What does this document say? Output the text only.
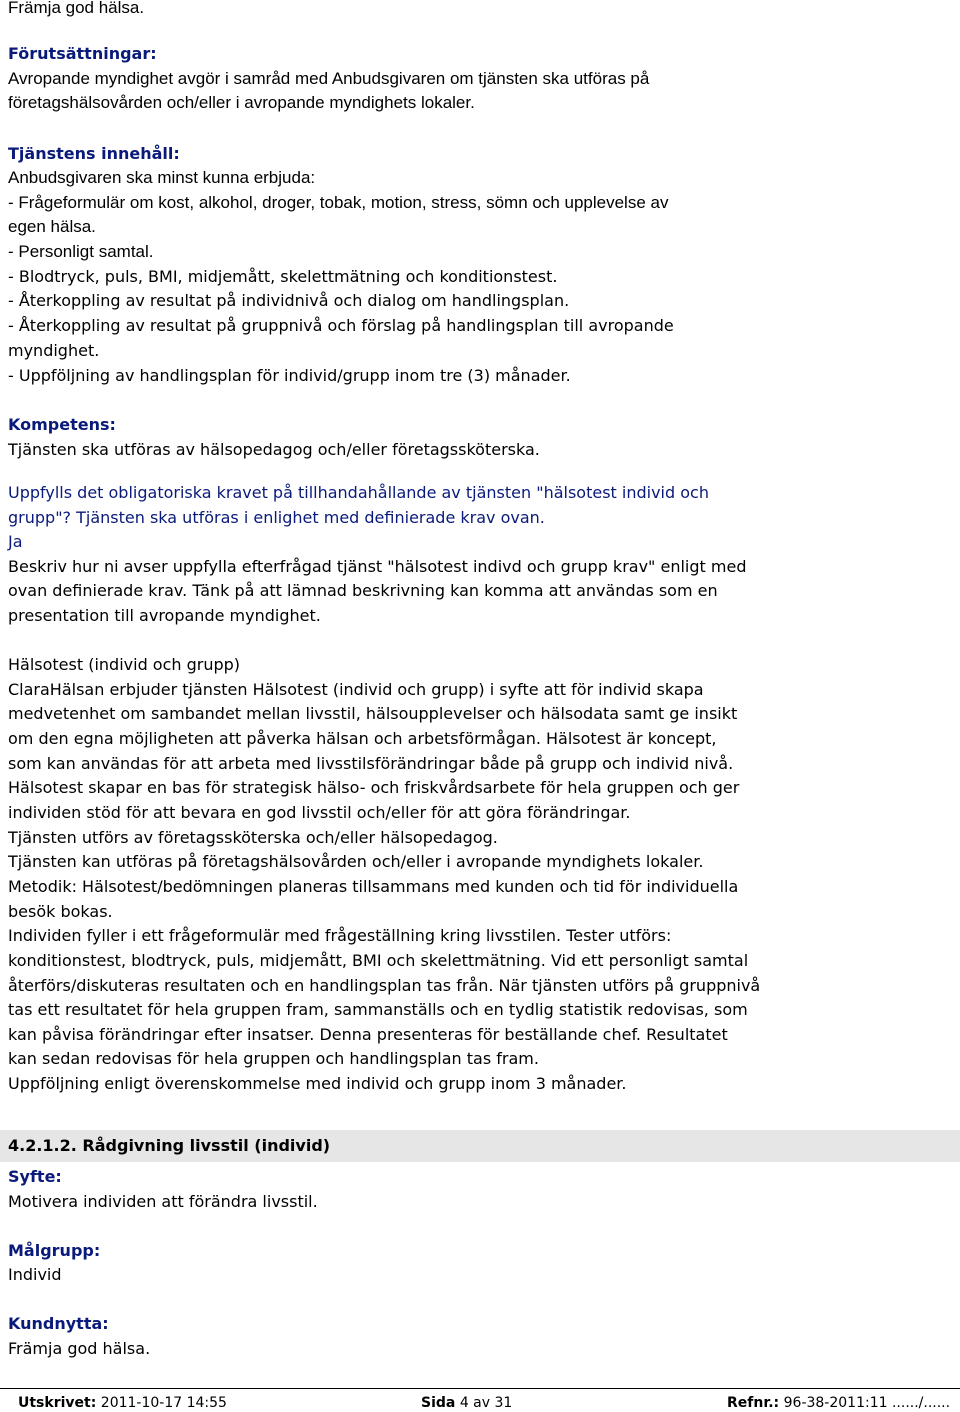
Främja god hälsa.
Förutsättningar:
Avropande myndighet avgör i samråd med Anbudsgivaren om tjänsten ska utföras på
företagshälsovården och/eller i avropande myndighets lokaler.
Tjänstens innehåll:
Anbudsgivaren ska minst kunna erbjuda:
- Frågeformulär om kost, alkohol, droger, tobak, motion, stress, sömn och upplevelse av
egen hälsa.
- Personligt samtal.
- Blodtryck, puls, BMI, midjemått, skelettmätning och konditionstest.
- Återkoppling av resultat på individnivå och dialog om handlingsplan.
- Återkoppling av resultat på gruppnivå och förslag på handlingsplan till avropande
myndighet.
- Uppföljning av handlingsplan för individ/grupp inom tre (3) månader.
Kompetens:
Tjänsten ska utföras av hälsopedagog och/eller företagssköterska.
Uppfylls det obligatoriska kravet på tillhandahållande av tjänsten "hälsotest individ och
grupp"? Tjänsten ska utföras i enlighet med definierade krav ovan.
Ja
Beskriv hur ni avser uppfylla efterfrågad tjänst "hälsotest indivd och grupp krav" enligt med
ovan definierade krav. Tänk på att lämnad beskrivning kan komma att användas som en
presentation till avropande myndighet.
Hälsotest (individ och grupp)
ClaraHälsan erbjuder tjänsten Hälsotest (individ och grupp) i syfte att för individ skapa
medvetenhet om sambandet mellan livsstil, hälsoupplevelser och hälsodata samt ge insikt
om den egna möjligheten att påverka hälsan och arbetsförmågan. Hälsotest är koncept,
som kan användas för att arbeta med livsstilsförändringar både på grupp och individ nivå.
Hälsotest skapar en bas för strategisk hälso- och friskvårdsarbete för hela gruppen och ger
individen stöd för att bevara en god livsstil och/eller för att göra förändringar.
Tjänsten utförs av företagssköterska och/eller hälsopedagog.
Tjänsten kan utföras på företagshälsovården och/eller i avropande myndighets lokaler.
Metodik: Hälsotest/bedömningen planeras tillsammans med kunden och tid för individuella
besök bokas.
Individen fyller i ett frågeformulär med frågeställning kring livsstilen. Tester utförs:
konditionstest, blodtryck, puls, midjemått, BMI och skelettmätning. Vid ett personligt samtal
återförs/diskuteras resultaten och en handlingsplan tas från. När tjänsten utförs på gruppnivå
tas ett resultatet för hela gruppen fram, sammanställs och en tydlig statistik redovisas, som
kan påvisa förändringar efter insatser. Denna presenteras för beställande chef. Resultatet
kan sedan redovisas för hela gruppen och handlingsplan tas fram.
Uppföljning enligt överenskommelse med individ och grupp inom 3 månader.
4.2.1.2. Rådgivning livsstil (individ)
Syfte:
Motivera individen att förändra livsstil.
Målgrupp:
Individ
Kundnytta:
Främja god hälsa.
Utskrivet: 2011-10-17 14:55	Sida 4 av 31	Refnr.: 96-38-2011:11 ....../......
